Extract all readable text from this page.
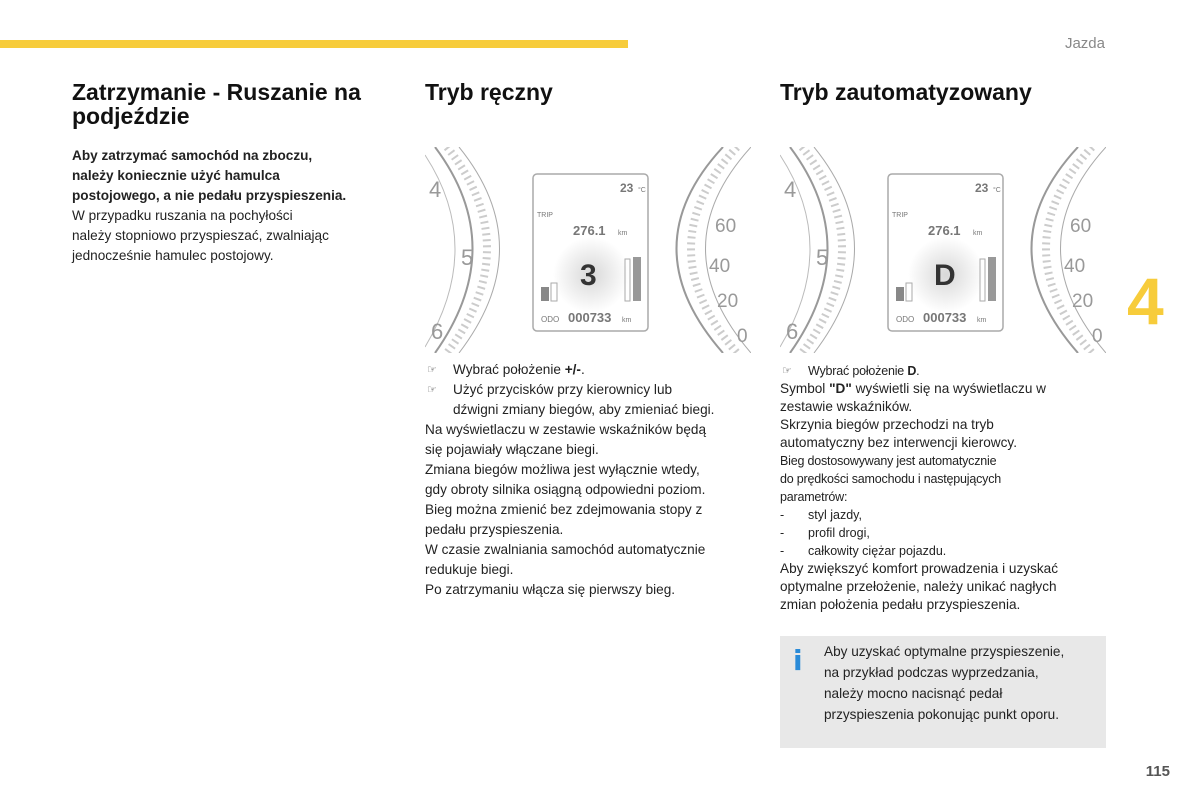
Jazda
4
115
Zatrzymanie - Ruszanie na podjeździe
Aby zatrzymać samochód na zboczu,
należy koniecznie użyć hamulca
postojowego, a nie pedału przyspieszenia.
W przypadku ruszania na pochyłości
należy stopniowo przyspieszać, zwalniając
jednocześnie hamulec postojowy.
Tryb ręczny
4
5
6
60
40
20
0
23 °C
TRIP
276.1 km
3
ODO 000733 km
☞ Wybrać położenie +/-.
☞ Użyć przycisków przy kierownicy lub
dźwigni zmiany biegów, aby zmieniać biegi.
Na wyświetlaczu w zestawie wskaźników będą
się pojawiały włączane biegi.
Zmiana biegów możliwa jest wyłącznie wtedy,
gdy obroty silnika osiągną odpowiedni poziom.
Bieg można zmienić bez zdejmowania stopy z
pedału przyspieszenia.
W czasie zwalniania samochód automatycznie
redukuje biegi.
Po zatrzymaniu włącza się pierwszy bieg.
Tryb zautomatyzowany
4
5
6
60
40
20
0
23 °C
TRIP
276.1 km
D
ODO 000733 km
☞ Wybrać położenie D.
Symbol "D" wyświetli się na wyświetlaczu w
zestawie wskaźników.
Skrzynia biegów przechodzi na tryb
automatyczny bez interwencji kierowcy.
Bieg dostosowywany jest automatycznie
do prędkości samochodu i następujących
parametrów:
-	styl jazdy,
-	profil drogi,
-	całkowity ciężar pojazdu.
Aby zwiększyć komfort prowadzenia i uzyskać
optymalne przełożenie, należy unikać nagłych
zmian położenia pedału przyspieszenia.
i Aby uzyskać optymalne przyspieszenie,
na przykład podczas wyprzedzania,
należy mocno nacisnąć pedał
przyspieszenia pokonując punkt oporu.
